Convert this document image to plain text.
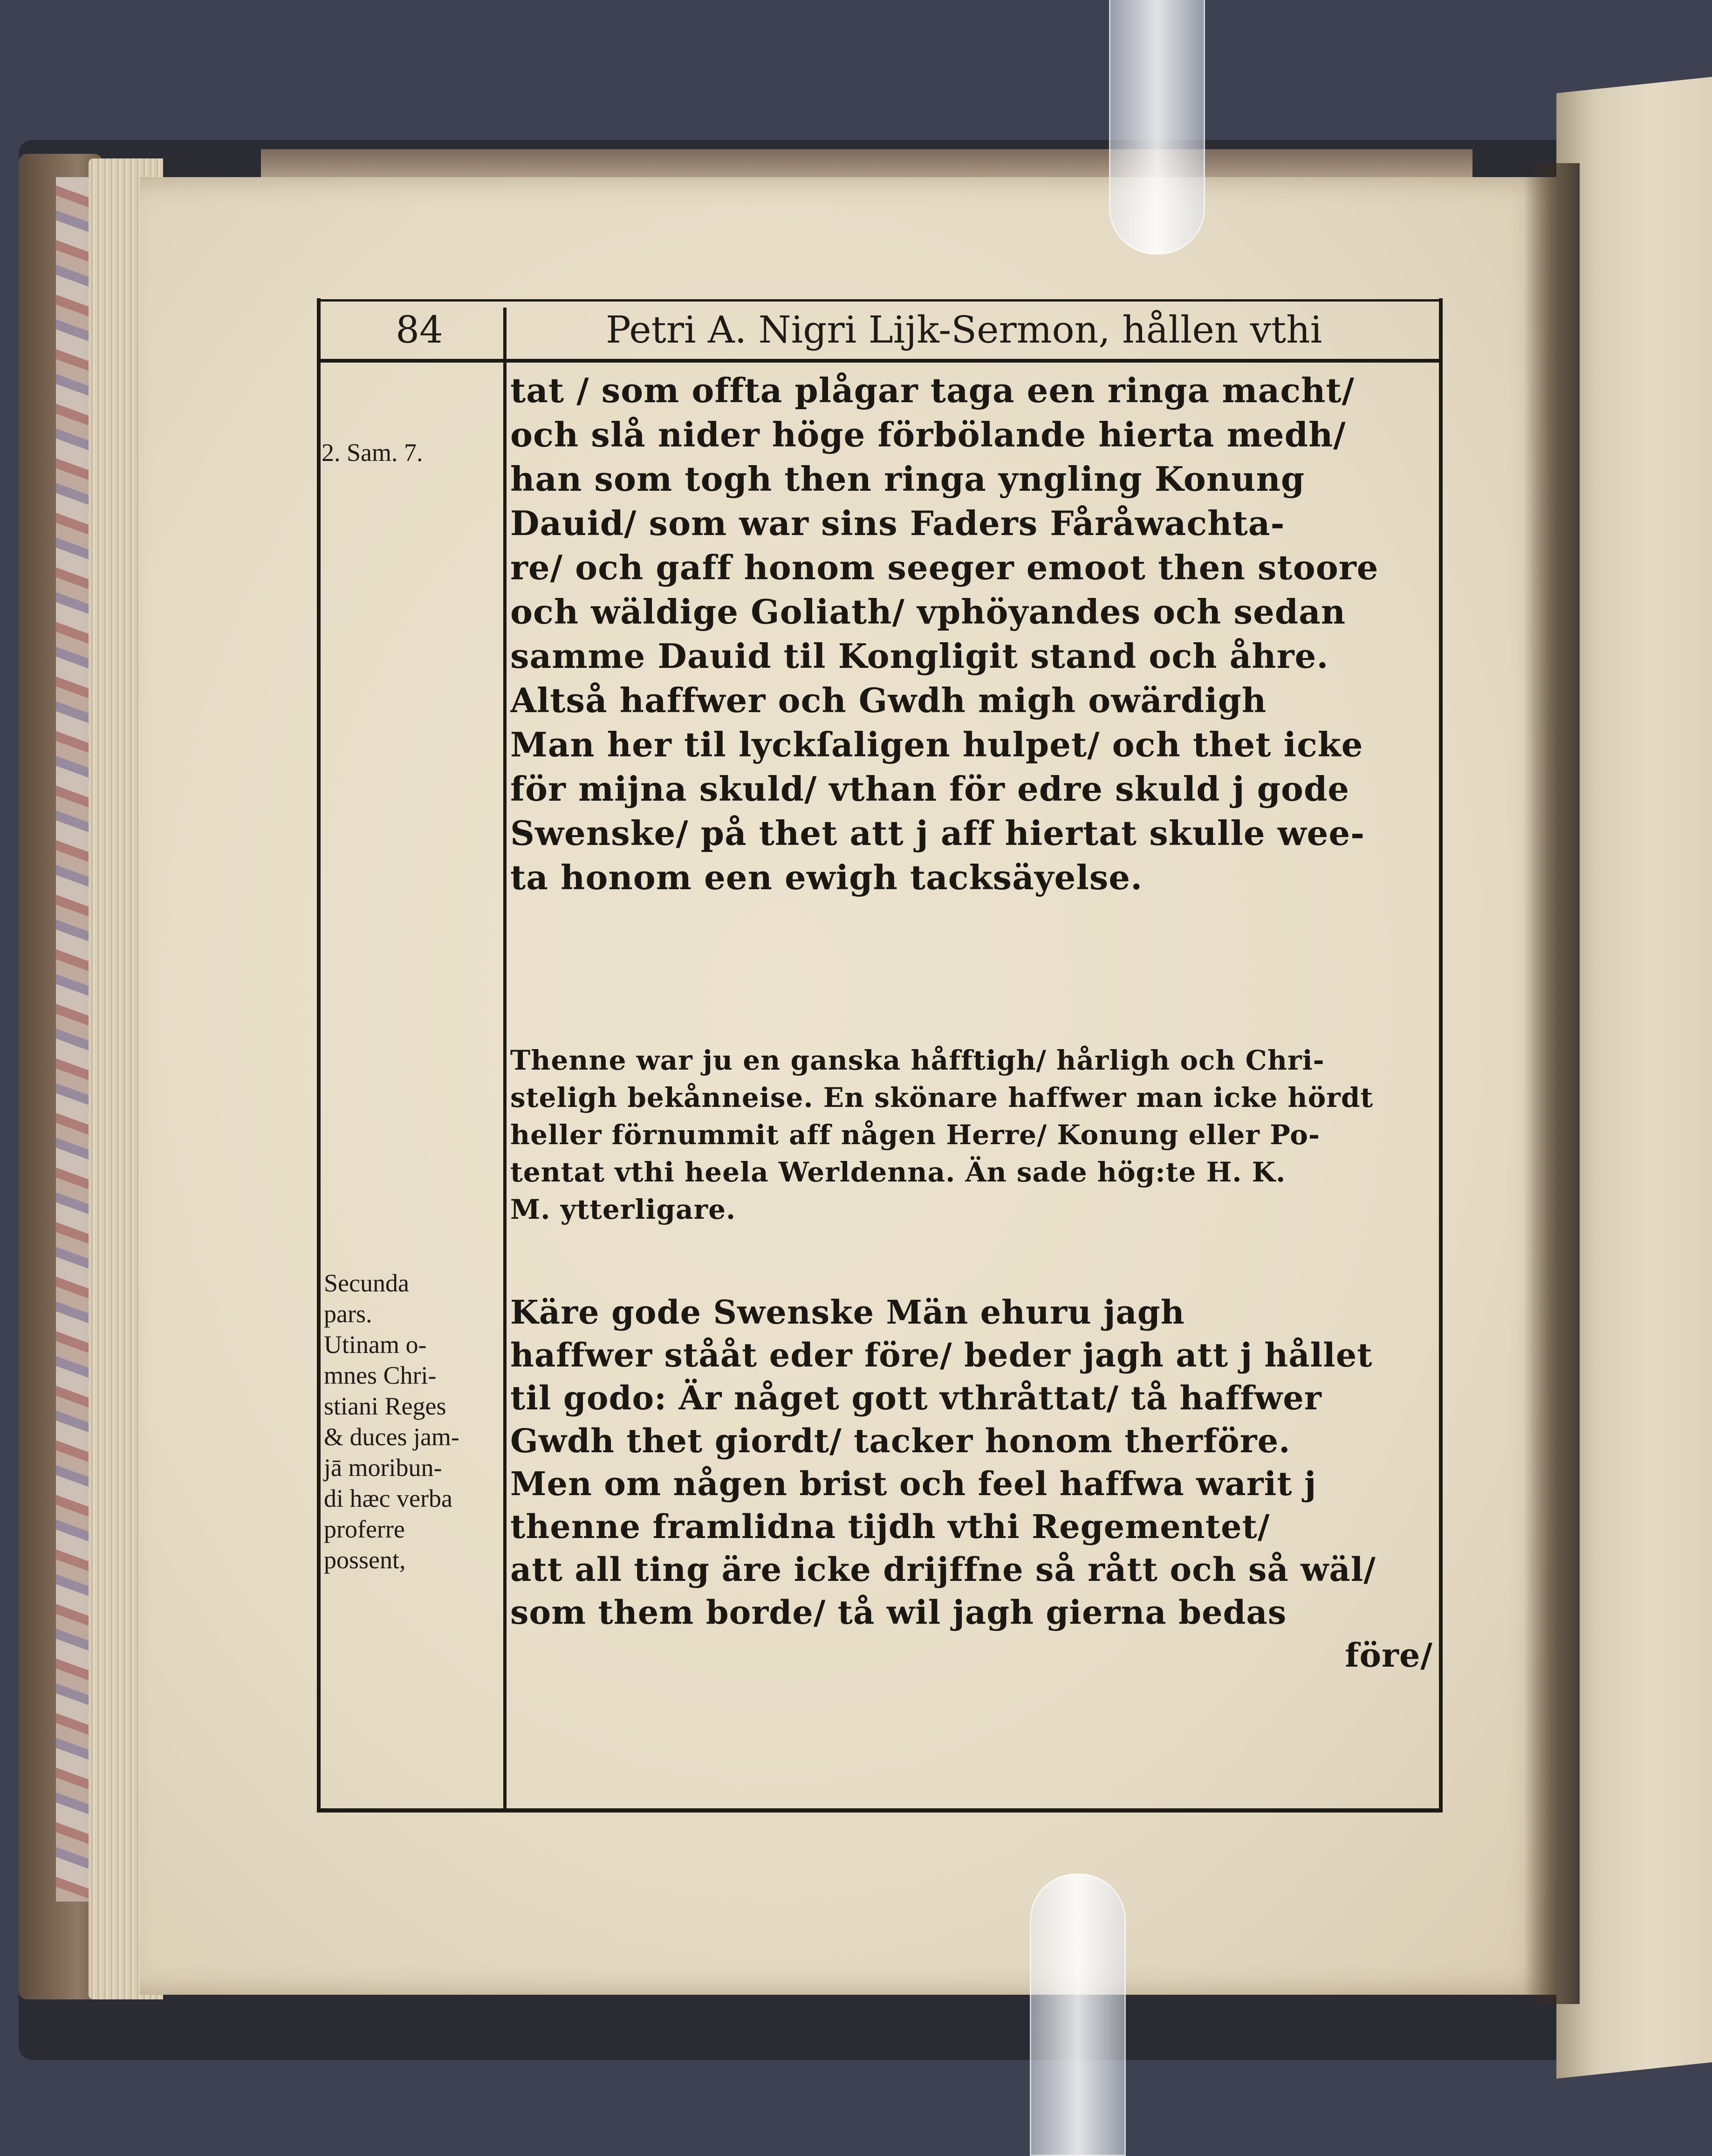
84	Petri A. Nigri Lijk-Sermon, hållen vthi
2. Sam. 7.
Secunda
pars.
Utinam o-
mnes Chri-
stiani Reges
& duces jam-
jā moribun-
di hæc verba
proferre
possent,
tat / som offta plågar taga een ringa macht/
och slå nider höge förbölande hierta medh/
han som togh then ringa yngling Konung
Dauid/ som war sins Faders Fåråwachta-
re/ och gaff honom seeger emoot then stoore
och wäldige Goliath/ vphöyandes och sedan
samme Dauid til Kongligit stand och åhre.
Altså haffwer och Gwdh migh owärdigh
Man her til lyckſaligen hulpet/ och thet icke
för mijna skuld/ vthan för edre skuld j gode
Swenske/ på thet att j aff hiertat skulle wee-
ta honom een ewigh tacksäyelse.
Thenne war ju en ganska håfftigh/ hårligh och Chri-
steligh bekånneise. En skönare haffwer man icke hördt
heller förnummit aff någen Herre/ Konung eller Po-
tentat vthi heela Werldenna. Än sade hög:te H. K.
M. ytterligare.
Käre gode Swenske Män ehuru jagh
haffwer stååt eder före/ beder jagh att j hållet
til godo: Är någet gott vthråttat/ tå haffwer
Gwdh thet giordt/ tacker honom therföre.
Men om någen brist och feel haffwa warit j
thenne framlidna tijdh vthi Regementet/
att all ting äre icke drijffne så rått och så wäl/
som them borde/ tå wil jagh gierna bedas
före/
